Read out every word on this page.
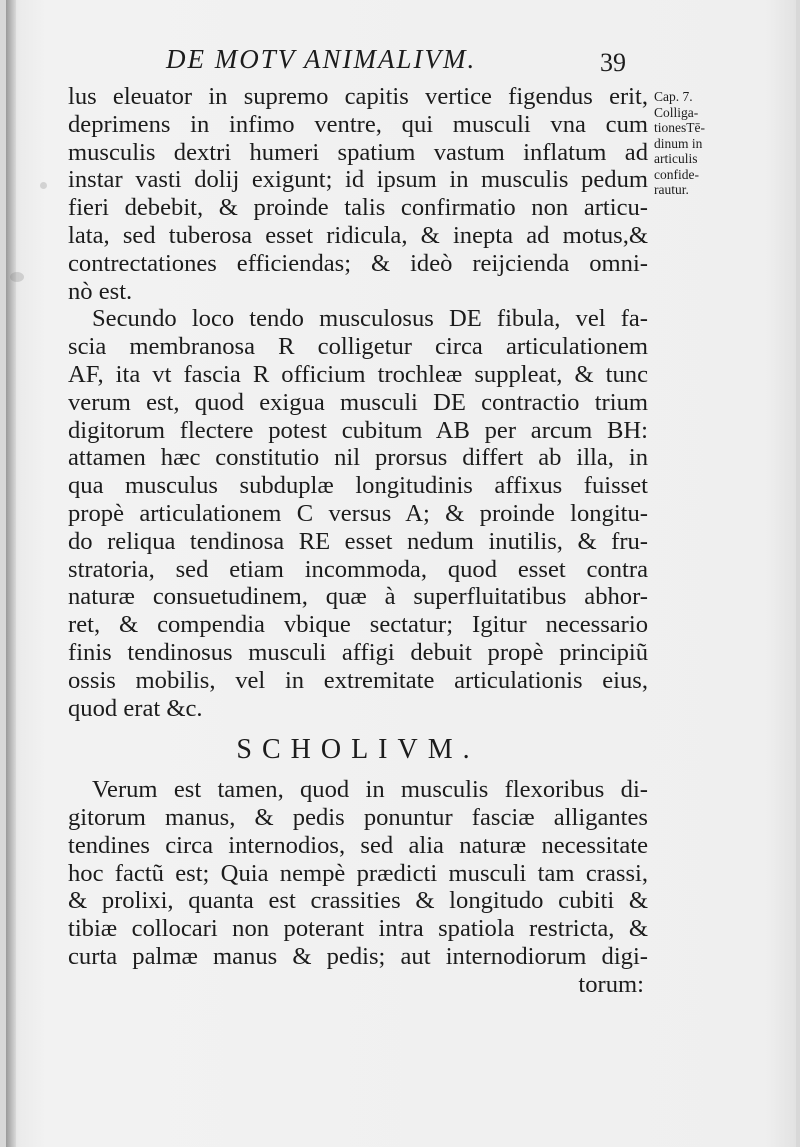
DE MOTV ANIMALIVM.	39
Cap. 7.
Colliga-
tionesTē-
dinum in
articulis
confide-
rautur.

lus eleuator in supremo capitis vertice figendus erit,
deprimens in infimo ventre, qui musculi vna cum
musculis dextri humeri spatium vastum inflatum ad
instar vasti dolij exigunt; id ipsum in musculis pedum
fieri debebit, & proinde talis confirmatio non articu-
lata, sed tuberosa esset ridicula, & inepta ad motus,&
contrectationes efficiendas; & ideò reijcienda omni-
nò est.

Secundo loco tendo musculosus DE fibula, vel fa-
scia membranosa R colligetur circa articulationem
AF, ita vt fascia R officium trochleæ suppleat, & tunc
verum est, quod exigua musculi DE contractio trium
digitorum flectere potest cubitum AB per arcum BH:
attamen hæc constitutio nil prorsus differt ab illa, in
qua musculus subduplæ longitudinis affixus fuisset
propè articulationem C versus A; & proinde longitu-
do reliqua tendinosa RE esset nedum inutilis, & fru-
stratoria, sed etiam incommoda, quod esset contra
naturæ consuetudinem, quæ à superfluitatibus abhor-
ret, & compendia vbique sectatur; Igitur necessario
finis tendinosus musculi affigi debuit propè principiũ
ossis mobilis, vel in extremitate articulationis eius,
quod erat &c.

SCHOLIVM.

Verum est tamen, quod in musculis flexoribus di-
gitorum manus, & pedis ponuntur fasciæ alligantes
tendines circa internodios, sed alia naturæ necessitate
hoc factũ est; Quia nempè prædicti musculi tam crassi,
& prolixi, quanta est crassities & longitudo cubiti &
tibiæ collocari non poterant intra spatiola restricta, &
curta palmæ manus & pedis; aut internodiorum digi-
torum:
